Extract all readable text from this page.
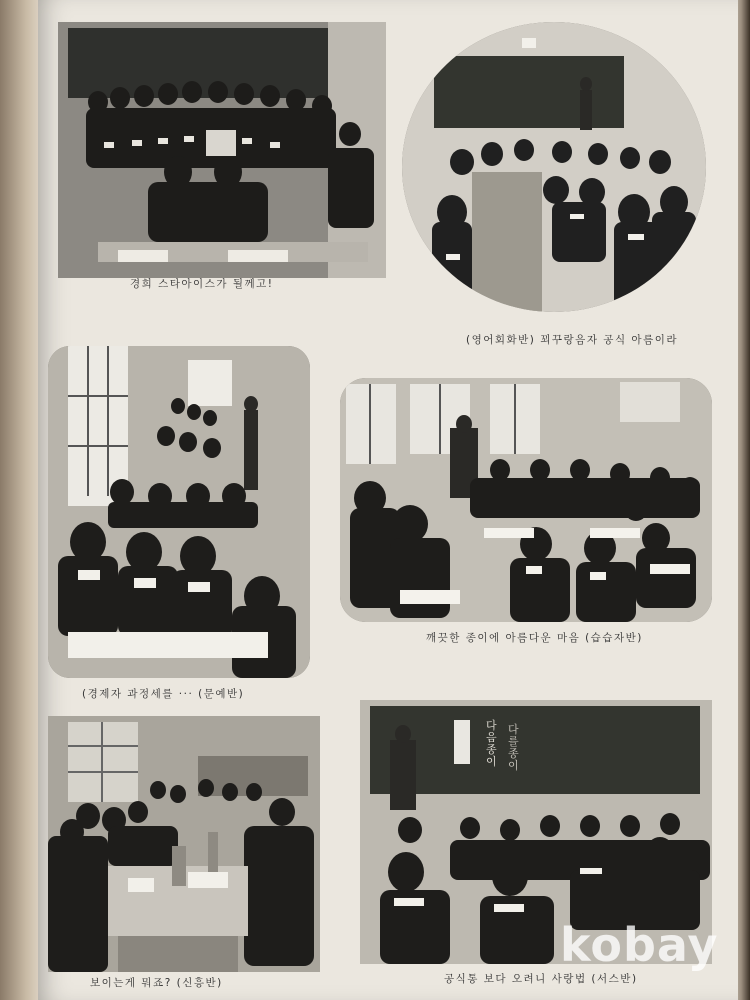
경희 스타아이스가 될께고!
(영어회화반) 꾀꾸랑음자 공식 아름이라
(경제자 과정세를 ··· (문예반)
깨끗한 종이에 아름다운 마음 (습습자반)
보이는게 뭐죠? (신흥반)
다음 종이
다를 종이
공식통 보다 오려니 사랑법 (서스반)
kobay
